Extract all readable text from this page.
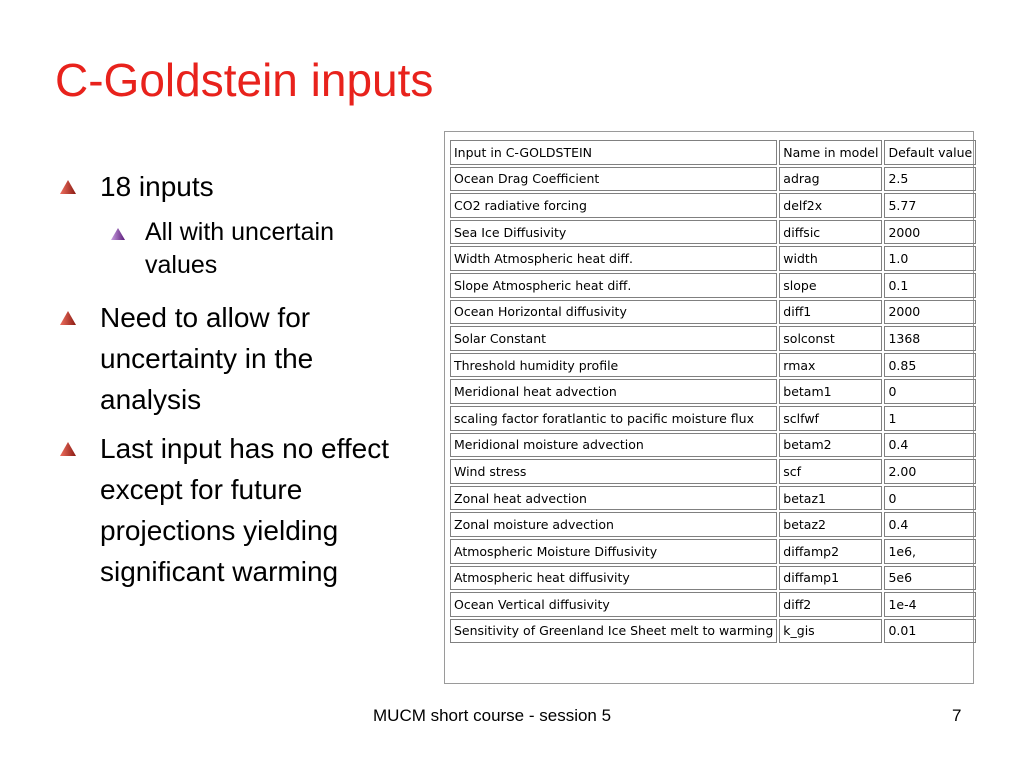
C-Goldstein inputs
18 inputs
All with uncertain values
Need to allow for uncertainty in the analysis
Last input has no effect except for future projections yielding significant warming
Input in C-GOLDSTEIN	Name in model	Default value
Ocean Drag Coefficient	adrag	2.5
CO2 radiative forcing	delf2x	5.77
Sea Ice Diffusivity	diffsic	2000
Width Atmospheric heat diff.	width	1.0
Slope Atmospheric heat diff.	slope	0.1
Ocean Horizontal diffusivity	diff1	2000
Solar Constant	solconst	1368
Threshold humidity profile	rmax	0.85
Meridional heat advection	betam1	0
scaling factor foratlantic to pacific moisture flux	sclfwf	1
Meridional moisture advection	betam2	0.4
Wind stress	scf	2.00
Zonal heat advection	betaz1	0
Zonal moisture advection	betaz2	0.4
Atmospheric Moisture Diffusivity	diffamp2	1e6,
Atmospheric heat diffusivity	diffamp1	5e6
Ocean Vertical diffusivity	diff2	1e-4
Sensitivity of Greenland Ice Sheet melt to warming	k_gis	0.01
MUCM short course - session 5	7
